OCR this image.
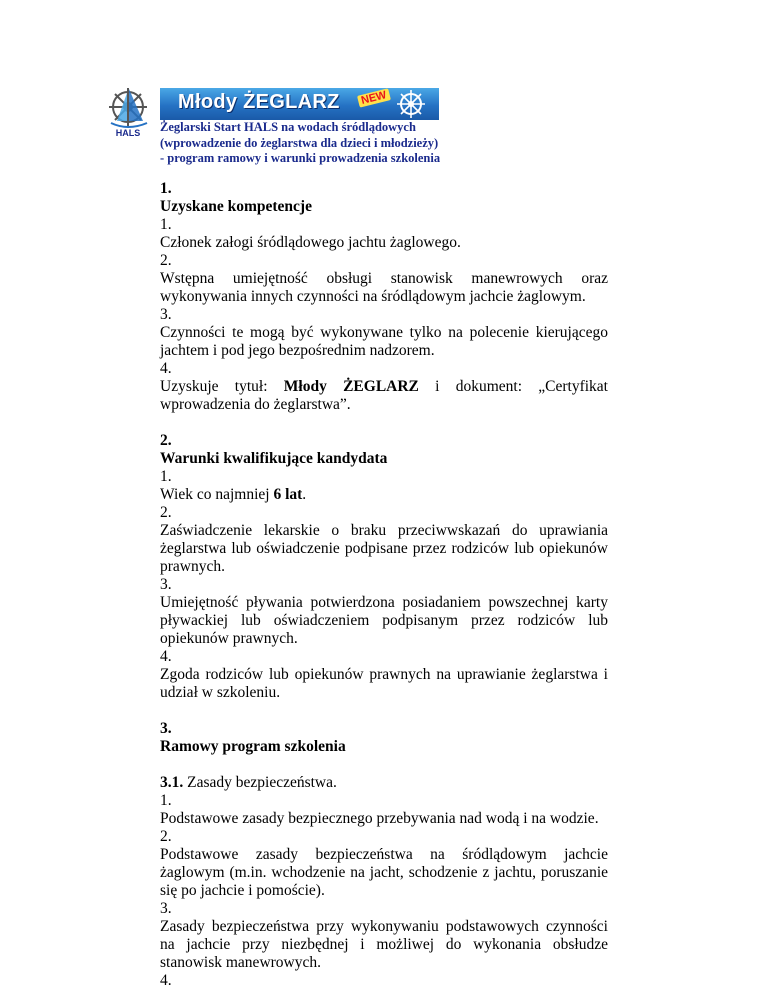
HALS
Młody ŻEGLARZ NEW
Żeglarski Start HALS na wodach śródlądowych
(wprowadzenie do żeglarstwa dla dzieci i młodzieży)
- program ramowy i warunki prowadzenia szkolenia

1.

Uzyskane kompetencje

1.

Członek załogi śródlądowego jachtu żaglowego.

2.

Wstępna umiejętność obsługi stanowisk manewrowych oraz wykonywania innych czynności na śródlądowym jachcie żaglowym.

3.

Czynności te mogą być wykonywane tylko na polecenie kierującego jachtem i pod jego bezpośrednim nadzorem.

4.

Uzyskuje tytuł: Młody ŻEGLARZ i dokument: „Certyfikat wprowadzenia do żeglarstwa”.

2.

Warunki kwalifikujące kandydata

1.

Wiek co najmniej 6 lat.

2.

Zaświadczenie lekarskie o braku przeciwwskazań do uprawiania żeglarstwa lub oświadczenie podpisane przez rodziców lub opiekunów prawnych.

3.

Umiejętność pływania potwierdzona posiadaniem powszechnej karty pływackiej lub oświadczeniem podpisanym przez rodziców lub opiekunów prawnych.

4.

Zgoda rodziców lub opiekunów prawnych na uprawianie żeglarstwa i udział w szkoleniu.

3.

Ramowy program szkolenia

3.1. Zasady bezpieczeństwa.

1.

Podstawowe zasady bezpiecznego przebywania nad wodą i na wodzie.

2.

Podstawowe zasady bezpieczeństwa na śródlądowym jachcie żaglowym (m.in. wchodzenie na jacht, schodzenie z jachtu, poruszanie się po jachcie i pomoście).

3.

Zasady bezpieczeństwa przy wykonywaniu podstawowych czynności na jachcie przy niezbędnej i możliwej do wykonania obsłudze stanowisk manewrowych.

4.
